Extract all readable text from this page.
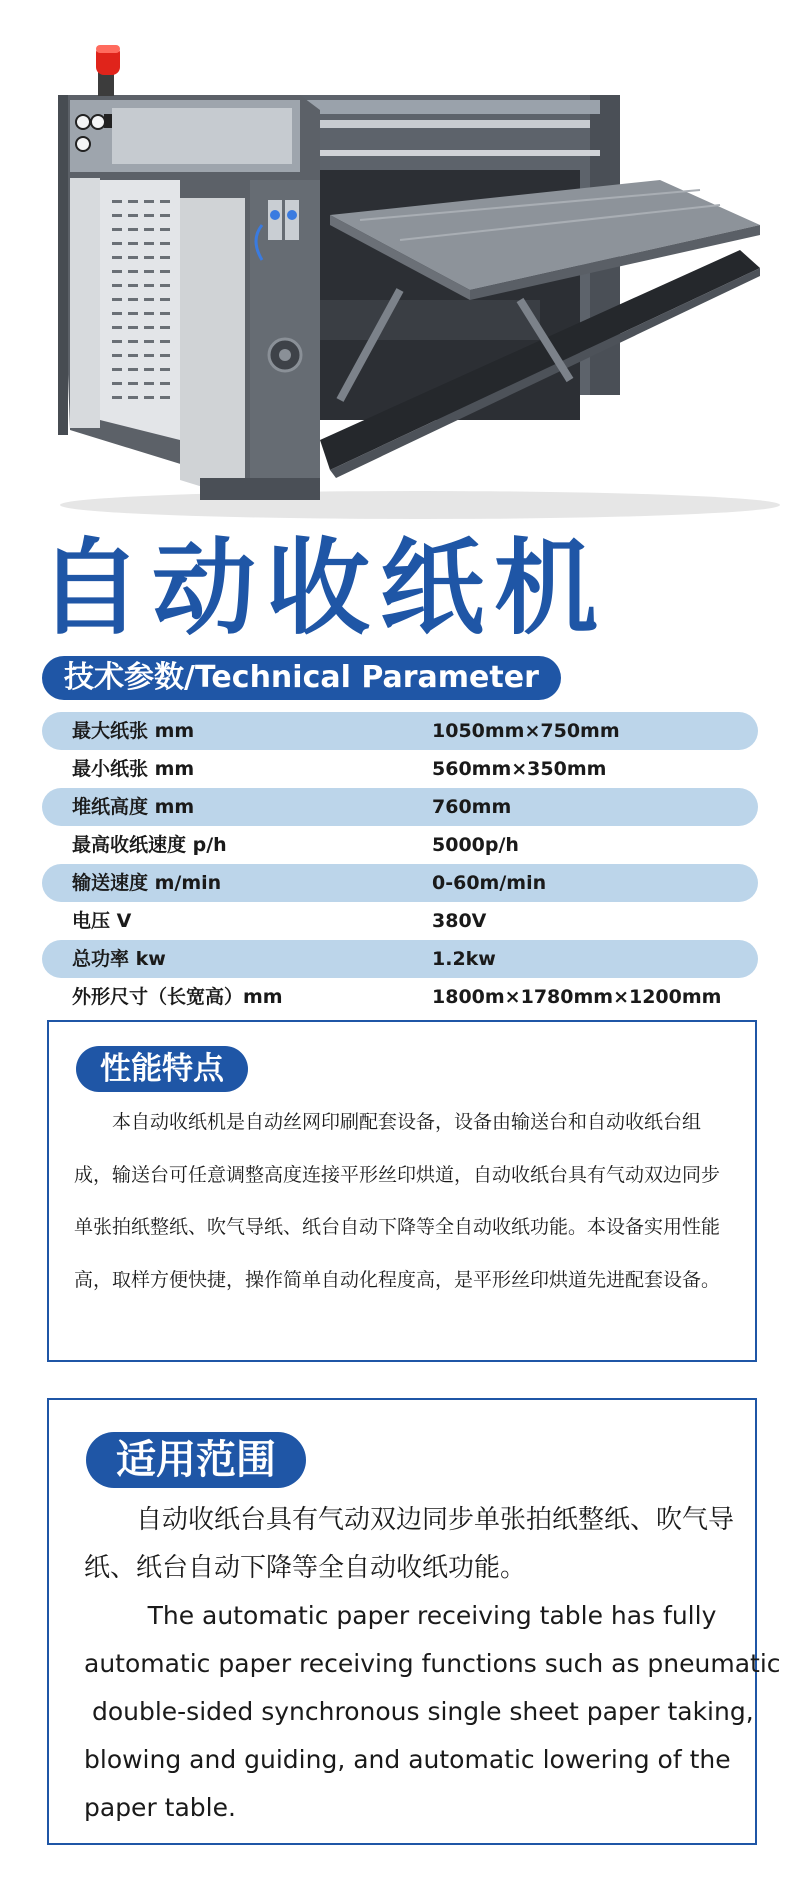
自动收纸机
技术参数/Technical Parameter
最大纸张 mm	1050mm×750mm
最小纸张 mm	560mm×350mm
堆纸高度 mm	760mm
最高收纸速度 p/h	5000p/h
输送速度 m/min	0-60m/min
电压 V	380V
总功率 kw	1.2kw
外形尺寸（长宽高）mm	1800m×1780mm×1200mm
性能特点
本自动收纸机是自动丝网印刷配套设备，设备由输送台和自动收纸台组成，输送台可任意调整高度连接平形丝印烘道，自动收纸台具有气动双边同步单张拍纸整纸、吹气导纸、纸台自动下降等全自动收纸功能。本设备实用性能高，取样方便快捷，操作简单自动化程度高，是平形丝印烘道先进配套设备。
适用范围
自动收纸台具有气动双边同步单张拍纸整纸、吹气导纸、纸台自动下降等全自动收纸功能。
The automatic paper receiving table has fully
automatic paper receiving functions such as pneumatic
double-sided synchronous single sheet paper taking,
blowing and guiding, and automatic lowering of the
paper table.
